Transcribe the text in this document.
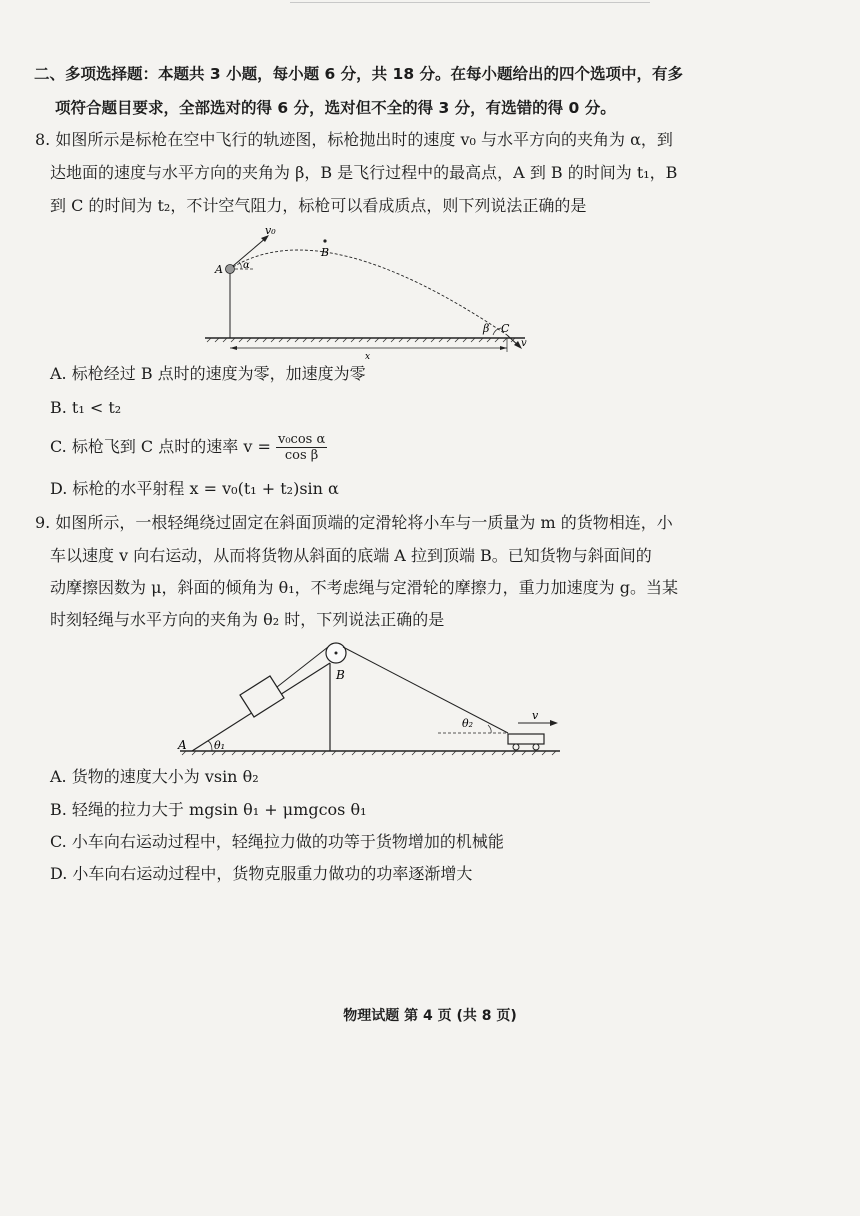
二、多项选择题：本题共 3 小题，每小题 6 分，共 18 分。在每小题给出的四个选项中，有多
项符合题目要求，全部选对的得 6 分，选对但不全的得 3 分，有选错的得 0 分。
8. 如图所示是标枪在空中飞行的轨迹图，标枪抛出时的速度 v₀ 与水平方向的夹角为 α，到
达地面的速度与水平方向的夹角为 β，B 是飞行过程中的最高点，A 到 B 的时间为 t₁，B
到 C 的时间为 t₂，不计空气阻力，标枪可以看成质点，则下列说法正确的是
v₀
A α
B
β C
v
x
A. 标枪经过 B 点时的速度为零，加速度为零
B. t₁ < t₂
C. 标枪飞到 C 点时的速率 $v = \frac{\text{v₀cos α}}{\text{cos β}}$
D. 标枪的水平射程 x = v₀(t₁ + t₂)sin α
9. 如图所示，一根轻绳绕过固定在斜面顶端的定滑轮将小车与一质量为 m 的货物相连，小
车以速度 v 向右运动，从而将货物从斜面的底端 A 拉到顶端 B。已知货物与斜面间的
动摩擦因数为 μ，斜面的倾角为 θ₁，不考虑绳与定滑轮的摩擦力，重力加速度为 g。当某
时刻轻绳与水平方向的夹角为 θ₂ 时，下列说法正确的是
A θ₁
B
θ₂
v
A. 货物的速度大小为 vsin θ₂
B. 轻绳的拉力大于 mgsin θ₁ + μmgcos θ₁
C. 小车向右运动过程中，轻绳拉力做的功等于货物增加的机械能
D. 小车向右运动过程中，货物克服重力做功的功率逐渐增大
物理试题 第 4 页 (共 8 页)
